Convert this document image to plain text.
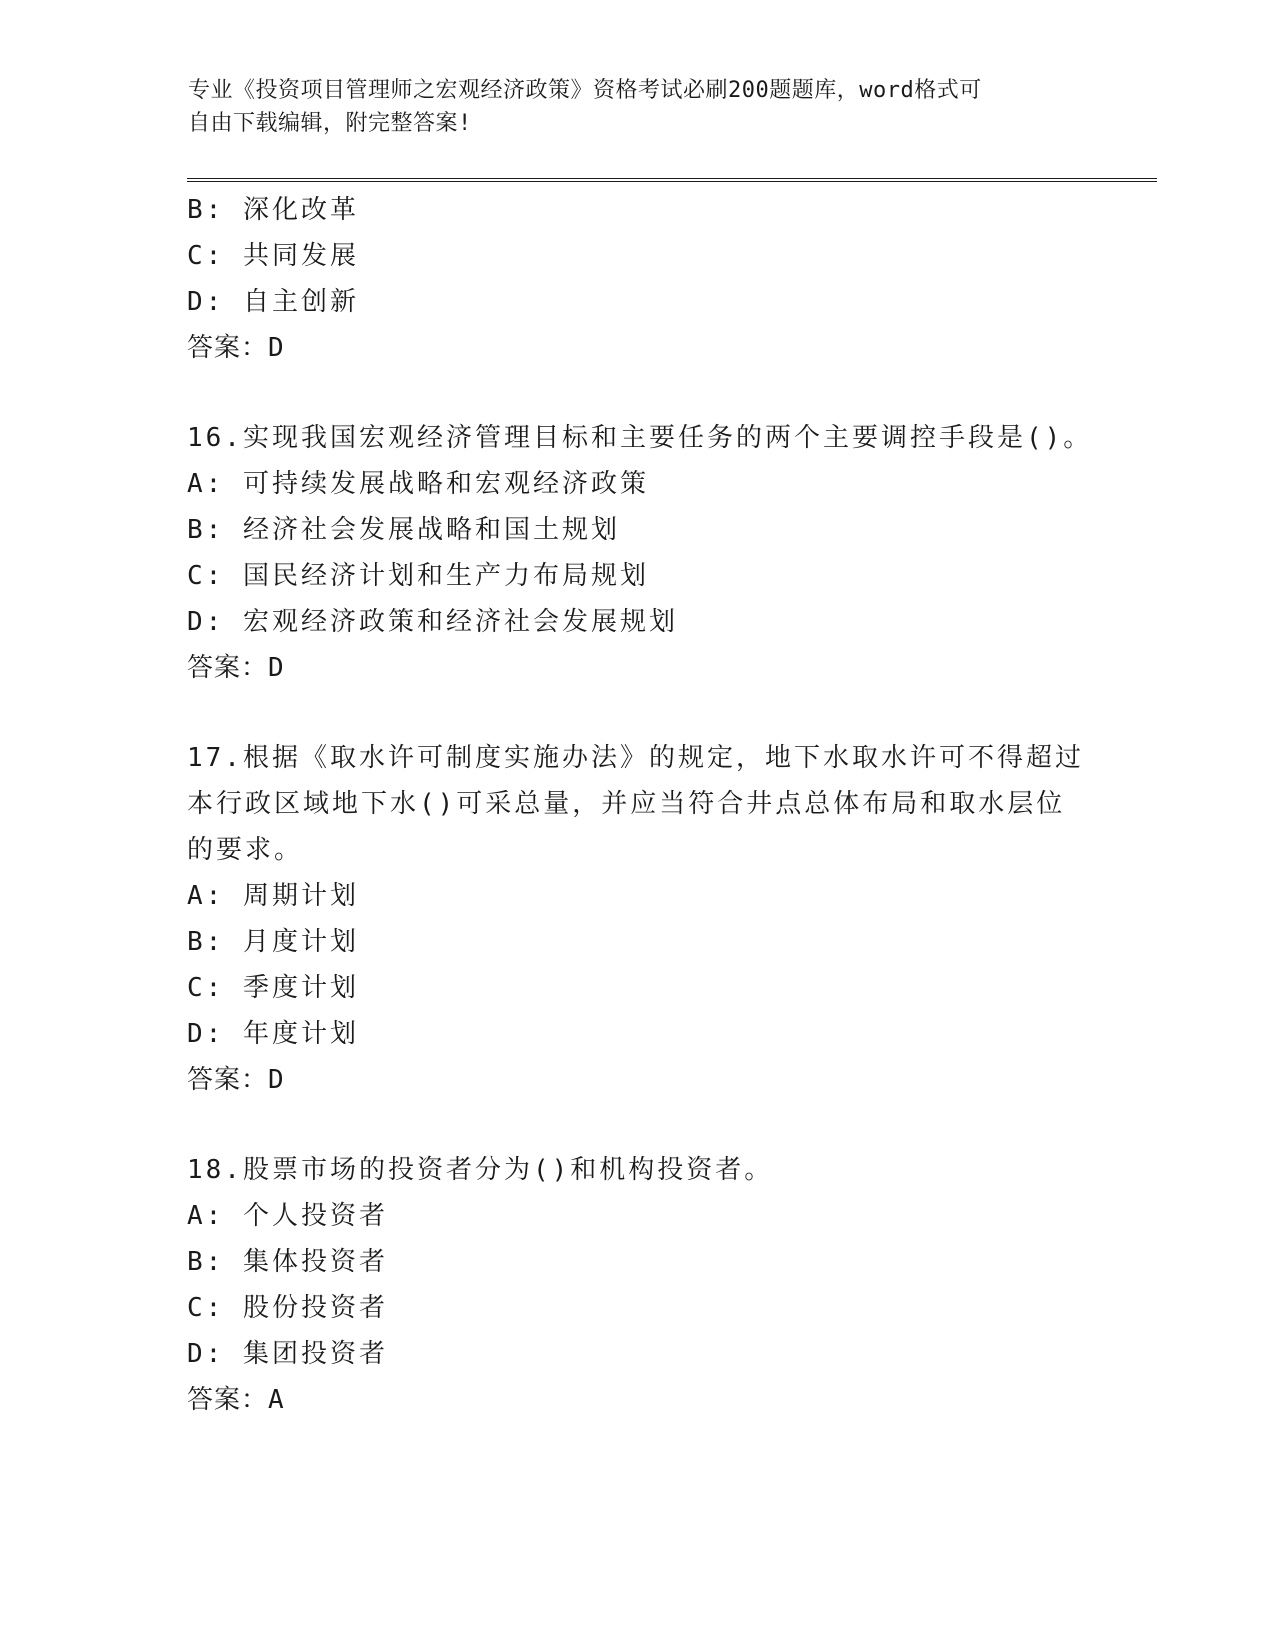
专业《投资项目管理师之宏观经济政策》资格考试必刷200题题库，word格式可
自由下载编辑，附完整答案!
B: 深化改革
C: 共同发展
D: 自主创新
答案：D
16.实现我国宏观经济管理目标和主要任务的两个主要调控手段是()。
A: 可持续发展战略和宏观经济政策
B: 经济社会发展战略和国土规划
C: 国民经济计划和生产力布局规划
D: 宏观经济政策和经济社会发展规划
答案：D
17.根据《取水许可制度实施办法》的规定，地下水取水许可不得超过
本行政区域地下水()可采总量，并应当符合井点总体布局和取水层位
的要求。
A: 周期计划
B: 月度计划
C: 季度计划
D: 年度计划
答案：D
18.股票市场的投资者分为()和机构投资者。
A: 个人投资者
B: 集体投资者
C: 股份投资者
D: 集团投资者
答案：A
